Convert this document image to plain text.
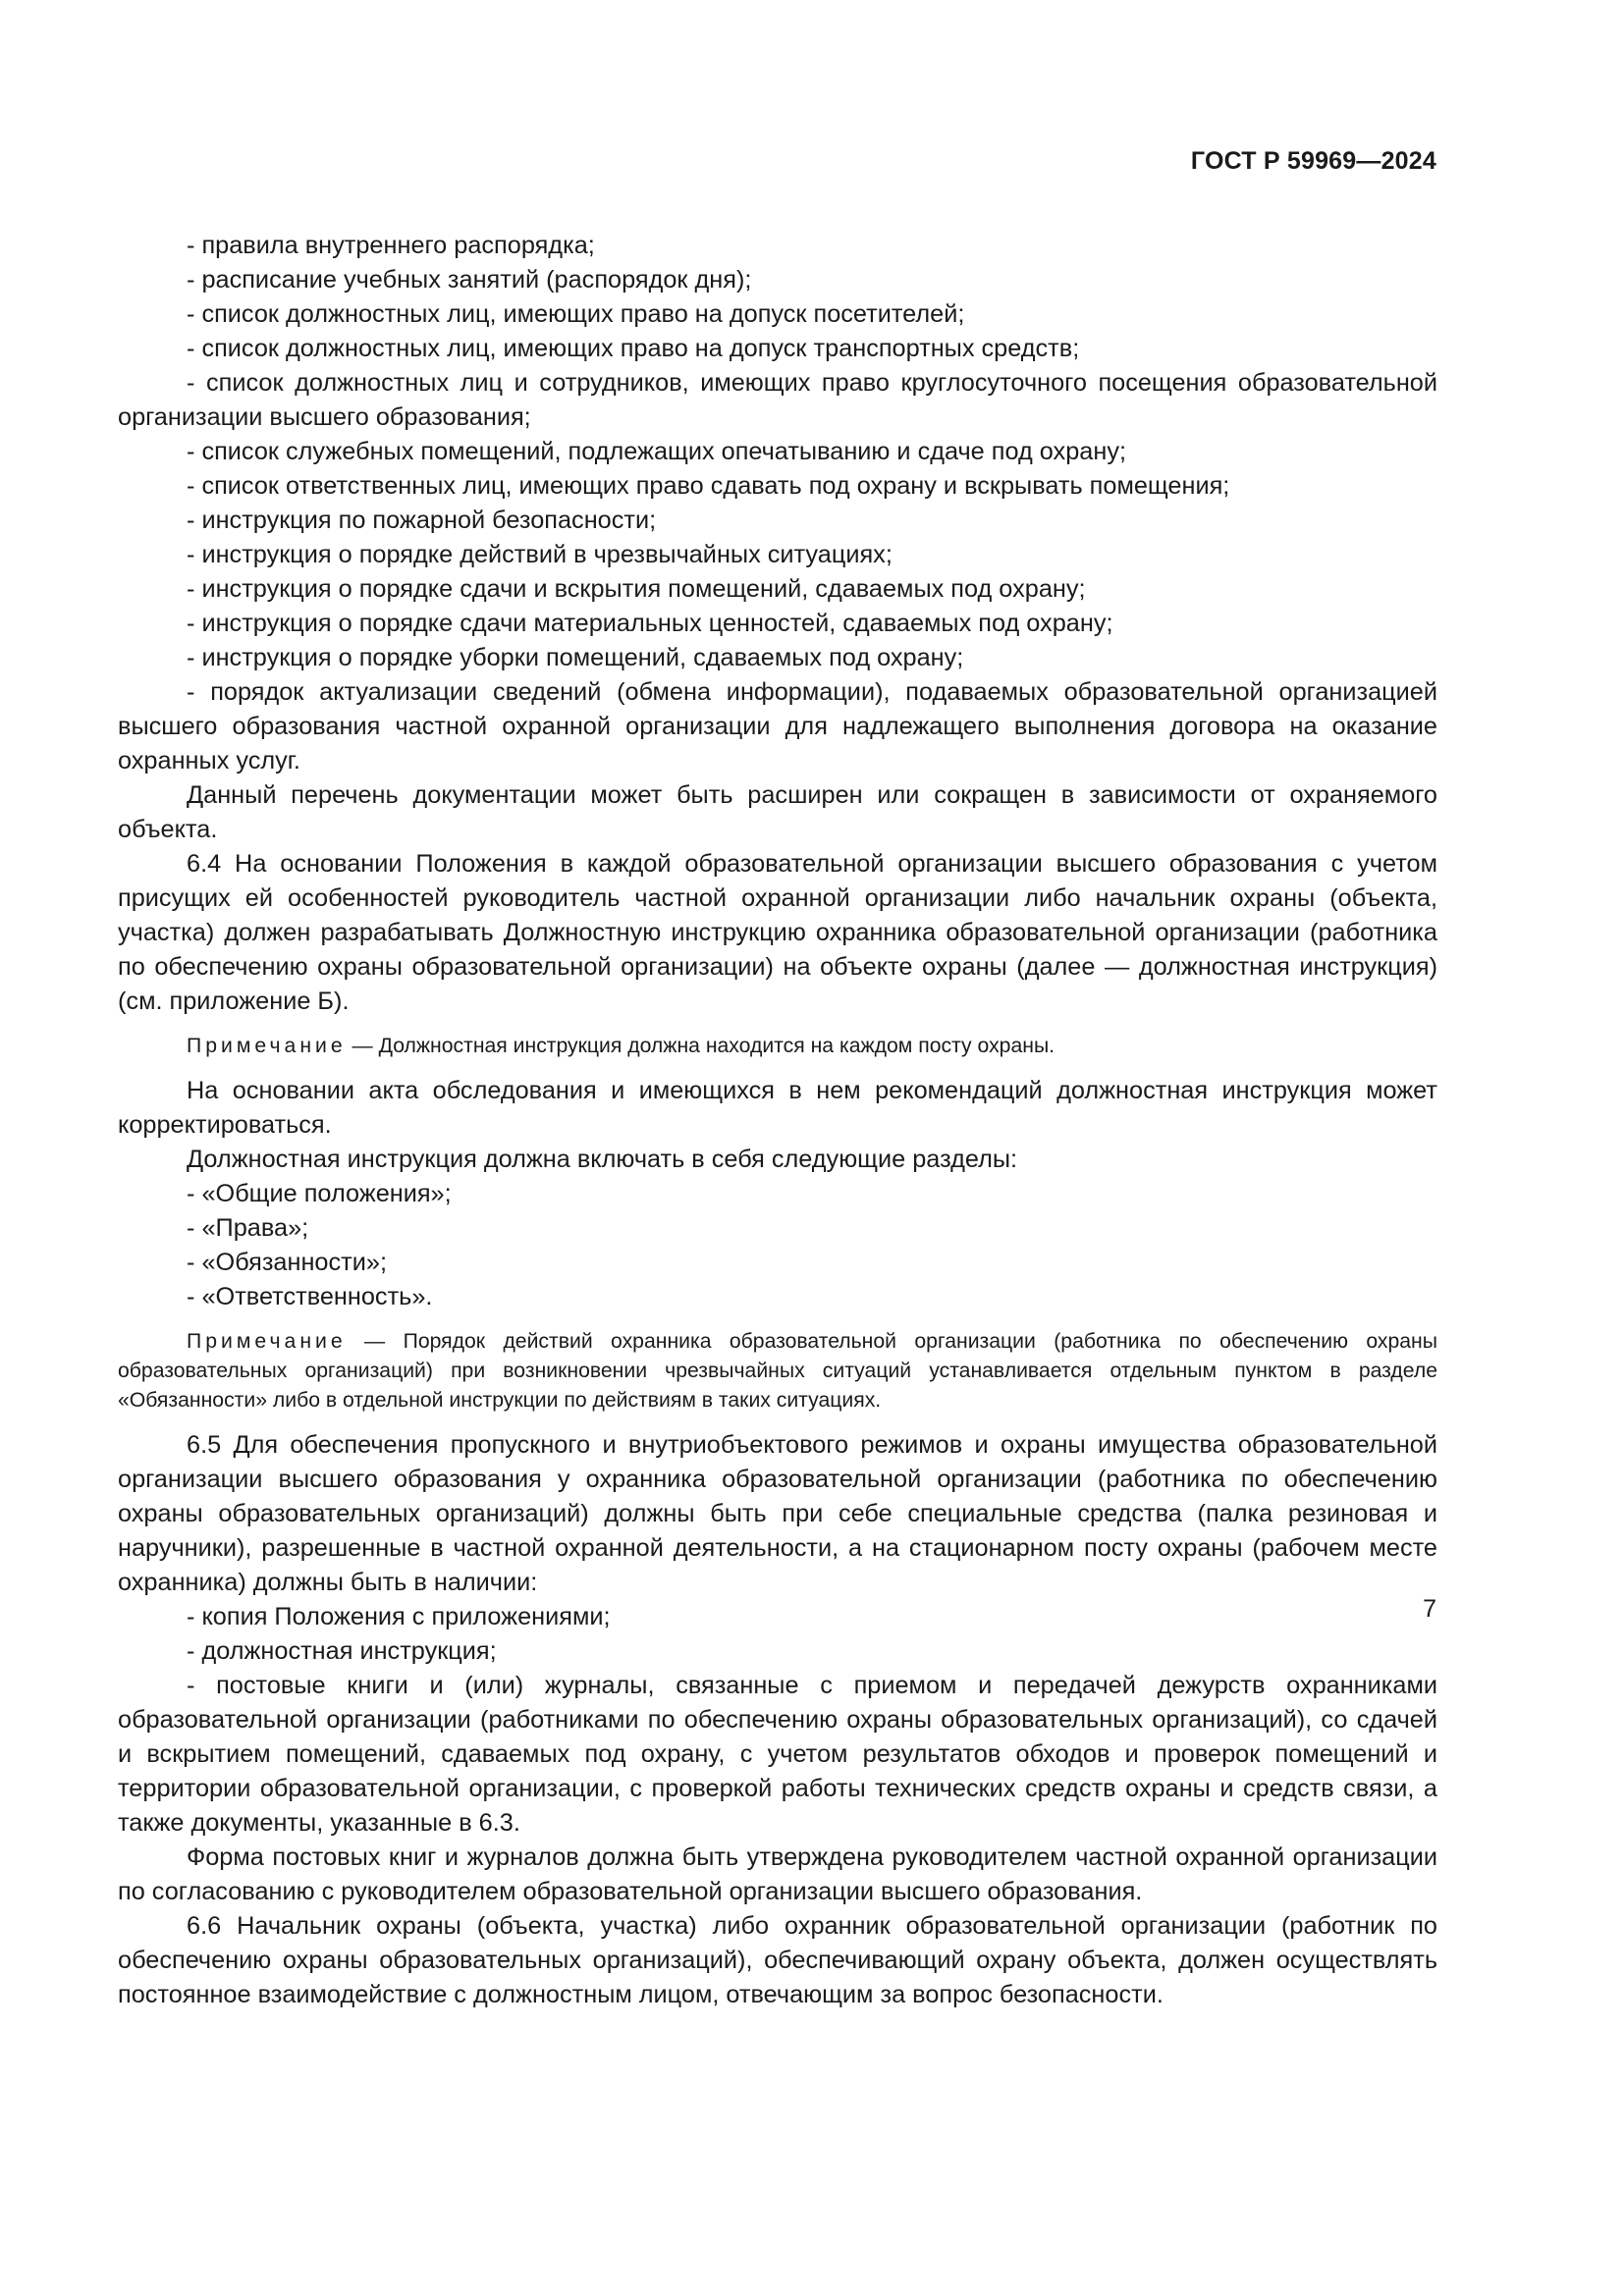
ГОСТ Р 59969—2024

- правила внутреннего распорядка;

- расписание учебных занятий (распорядок дня);

- список должностных лиц, имеющих право на допуск посетителей;

- список должностных лиц, имеющих право на допуск транспортных средств;

- список должностных лиц и сотрудников, имеющих право круглосуточного посещения образовательной организации высшего образования;

- список служебных помещений, подлежащих опечатыванию и сдаче под охрану;

- список ответственных лиц, имеющих право сдавать под охрану и вскрывать помещения;

- инструкция по пожарной безопасности;

- инструкция о порядке действий в чрезвычайных ситуациях;

- инструкция о порядке сдачи и вскрытия помещений, сдаваемых под охрану;

- инструкция о порядке сдачи материальных ценностей, сдаваемых под охрану;

- инструкция о порядке уборки помещений, сдаваемых под охрану;

- порядок актуализации сведений (обмена информации), подаваемых образовательной организацией высшего образования частной охранной организации для надлежащего выполнения договора на оказание охранных услуг.

Данный перечень документации может быть расширен или сокращен в зависимости от охраняемого объекта.

6.4 На основании Положения в каждой образовательной организации высшего образования с учетом присущих ей особенностей руководитель частной охранной организации либо начальник охраны (объекта, участка) должен разрабатывать Должностную инструкцию охранника образовательной организации (работника по обеспечению охраны образовательной организации) на объекте охраны (далее — должностная инструкция) (см. приложение Б).

Примечание — Должностная инструкция должна находится на каждом посту охраны.

На основании акта обследования и имеющихся в нем рекомендаций должностная инструкция может корректироваться.

Должностная инструкция должна включать в себя следующие разделы:

- «Общие положения»;

- «Права»;

- «Обязанности»;

- «Ответственность».

Примечание — Порядок действий охранника образовательной организации (работника по обеспечению охраны образовательных организаций) при возникновении чрезвычайных ситуаций устанавливается отдельным пунктом в разделе «Обязанности» либо в отдельной инструкции по действиям в таких ситуациях.

6.5 Для обеспечения пропускного и внутриобъектового режимов и охраны имущества образовательной организации высшего образования у охранника образовательной организации (работника по обеспечению охраны образовательных организаций) должны быть при себе специальные средства (палка резиновая и наручники), разрешенные в частной охранной деятельности, а на стационарном посту охраны (рабочем месте охранника) должны быть в наличии:

- копия Положения с приложениями;

- должностная инструкция;

- постовые книги и (или) журналы, связанные с приемом и передачей дежурств охранниками образовательной организации (работниками по обеспечению охраны образовательных организаций), со сдачей и вскрытием помещений, сдаваемых под охрану, с учетом результатов обходов и проверок помещений и территории образовательной организации, с проверкой работы технических средств охраны и средств связи, а также документы, указанные в 6.3.

Форма постовых книг и журналов должна быть утверждена руководителем частной охранной организации по согласованию с руководителем образовательной организации высшего образования.

6.6 Начальник охраны (объекта, участка) либо охранник образовательной организации (работник по обеспечению охраны образовательных организаций), обеспечивающий охрану объекта, должен осуществлять постоянное взаимодействие с должностным лицом, отвечающим за вопрос безопасности.

7
